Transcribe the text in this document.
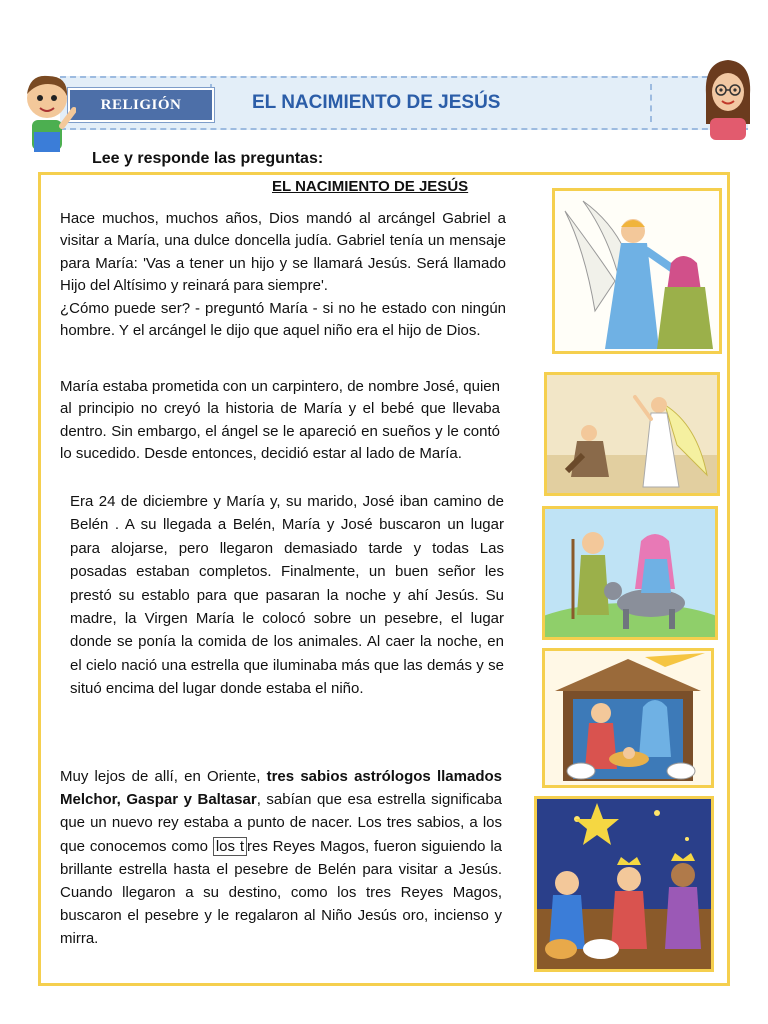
RELIGIÓN	EL NACIMIENTO DE JESÚS
Lee y responde las preguntas:
EL NACIMIENTO DE JESÚS
Hace muchos, muchos años, Dios mandó al arcángel Gabriel a visitar a María, una dulce doncella judía. Gabriel tenía un mensaje para María: 'Vas a tener un hijo y se llamará Jesús. Será llamado Hijo del Altísimo y reinará para siempre'.
¿Cómo puede ser? - preguntó María - si no he estado con ningún hombre. Y el arcángel le dijo que aquel niño era el hijo de Dios.

María estaba prometida con un carpintero, de nombre José, quien al principio no creyó la historia de María y el bebé que llevaba dentro. Sin embargo, el ángel se le apareció en sueños y le contó lo sucedido. Desde entonces, decidió estar al lado de María.

Era 24 de diciembre y María y, su marido, José iban camino de Belén . A su llegada a Belén, María y José buscaron un lugar para alojarse, pero llegaron demasiado tarde y todas Las posadas estaban completos. Finalmente, un buen señor les prestó su establo para que pasaran la noche y ahí Jesús. Su madre, la Virgen María le colocó sobre un pesebre, el lugar donde se ponía la comida de los animales. Al caer la noche, en el cielo nació una estrella que iluminaba más que las demás y se situó encima del lugar donde estaba el niño.

Muy lejos de allí, en Oriente, tres sabios astrólogos llamados Melchor, Gaspar y Baltasar, sabían que esa estrella significaba que un nuevo rey estaba a punto de nacer. Los tres sabios, a los que conocemos como los t res Reyes Magos, fueron siguiendo la brillante estrella hasta el pesebre de Belén para visitar a Jesús. Cuando llegaron a su destino, como los tres Reyes Magos, buscaron el pesebre y le regalaron al Niño Jesús oro, incienso y mirra.
